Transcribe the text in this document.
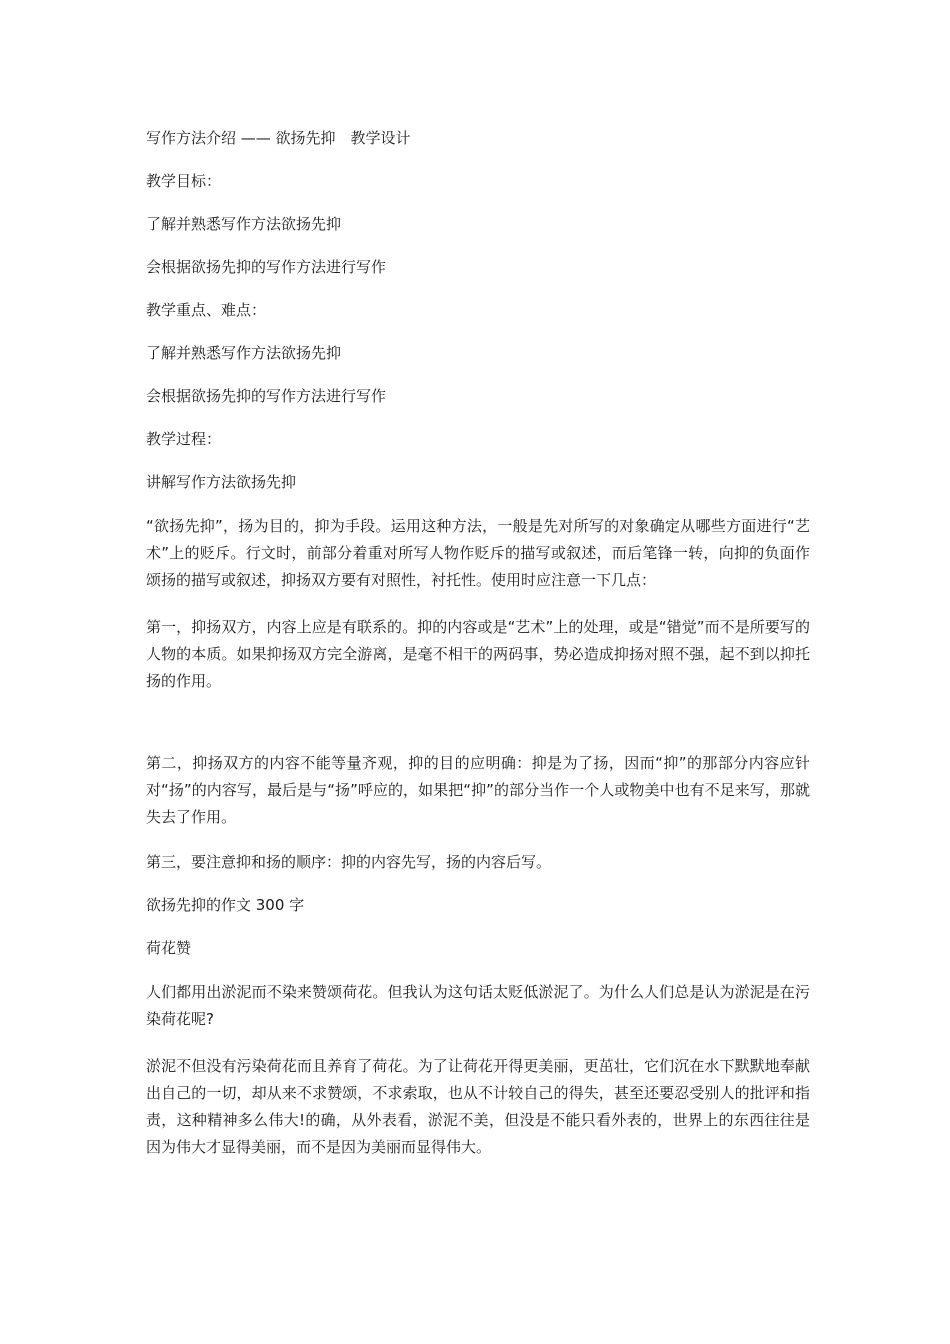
写作方法介绍 —— 欲扬先抑　教学设计

教学目标：

了解并熟悉写作方法欲扬先抑

会根据欲扬先抑的写作方法进行写作

教学重点、难点：

了解并熟悉写作方法欲扬先抑

会根据欲扬先抑的写作方法进行写作

教学过程：

讲解写作方法欲扬先抑

“欲扬先抑”，扬为目的，抑为手段。运用这种方法，一般是先对所写的对象确定从哪些方面进行“艺术”上的贬斥。行文时，前部分着重对所写人物作贬斥的描写或叙述，而后笔锋一转，向抑的负面作颂扬的描写或叙述，抑扬双方要有对照性，衬托性。使用时应注意一下几点：

第一，抑扬双方，内容上应是有联系的。抑的内容或是“艺术”上的处理，或是“错觉”而不是所要写的人物的本质。如果抑扬双方完全游离，是毫不相干的两码事，势必造成抑扬对照不强，起不到以抑托扬的作用。

第二，抑扬双方的内容不能等量齐观，抑的目的应明确：抑是为了扬，因而“抑”的那部分内容应针对“扬”的内容写，最后是与“扬”呼应的，如果把“抑”的部分当作一个人或物美中也有不足来写，那就失去了作用。

第三，要注意抑和扬的顺序：抑的内容先写，扬的内容后写。

欲扬先抑的作文 300 字

荷花赞

人们都用出淤泥而不染来赞颂荷花。但我认为这句话太贬低淤泥了。为什么人们总是认为淤泥是在污染荷花呢?

淤泥不但没有污染荷花而且养育了荷花。为了让荷花开得更美丽，更茁壮，它们沉在水下默默地奉献出自己的一切，却从来不求赞颂，不求索取，也从不计较自己的得失，甚至还要忍受别人的批评和指责，这种精神多么伟大!的确，从外表看，淤泥不美，但没是不能只看外表的，世界上的东西往往是因为伟大才显得美丽，而不是因为美丽而显得伟大。
